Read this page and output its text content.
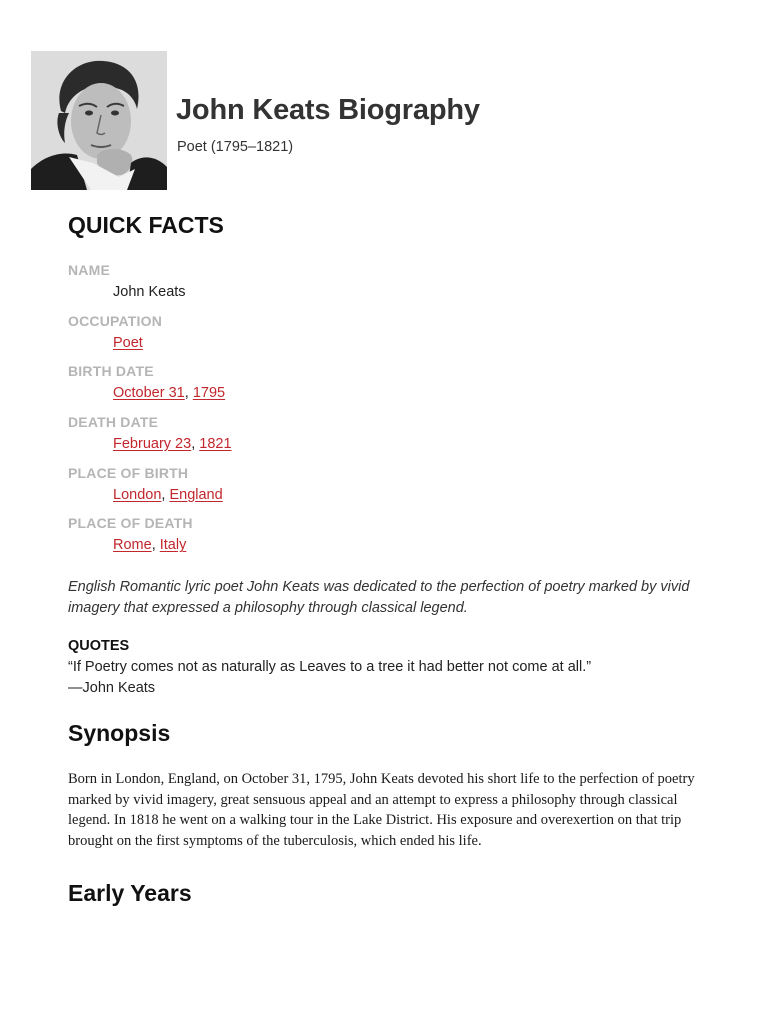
John Keats Biography
Poet (1795–1821)
QUICK FACTS
NAME
John Keats
OCCUPATION
Poet
BIRTH DATE
October 31, 1795
DEATH DATE
February 23, 1821
PLACE OF BIRTH
London, England
PLACE OF DEATH
Rome, Italy

English Romantic lyric poet John Keats was dedicated to the perfection of poetry marked by vivid imagery that expressed a philosophy through classical legend.

QUOTES
“If Poetry comes not as naturally as Leaves to a tree it had better not come at all.”
—John Keats
Synopsis

Born in London, England, on October 31, 1795, John Keats devoted his short life to the perfection of poetry marked by vivid imagery, great sensuous appeal and an attempt to express a philosophy through classical legend. In 1818 he went on a walking tour in the Lake District. His exposure and overexertion on that trip brought on the first symptoms of the tuberculosis, which ended his life.

Early Years
